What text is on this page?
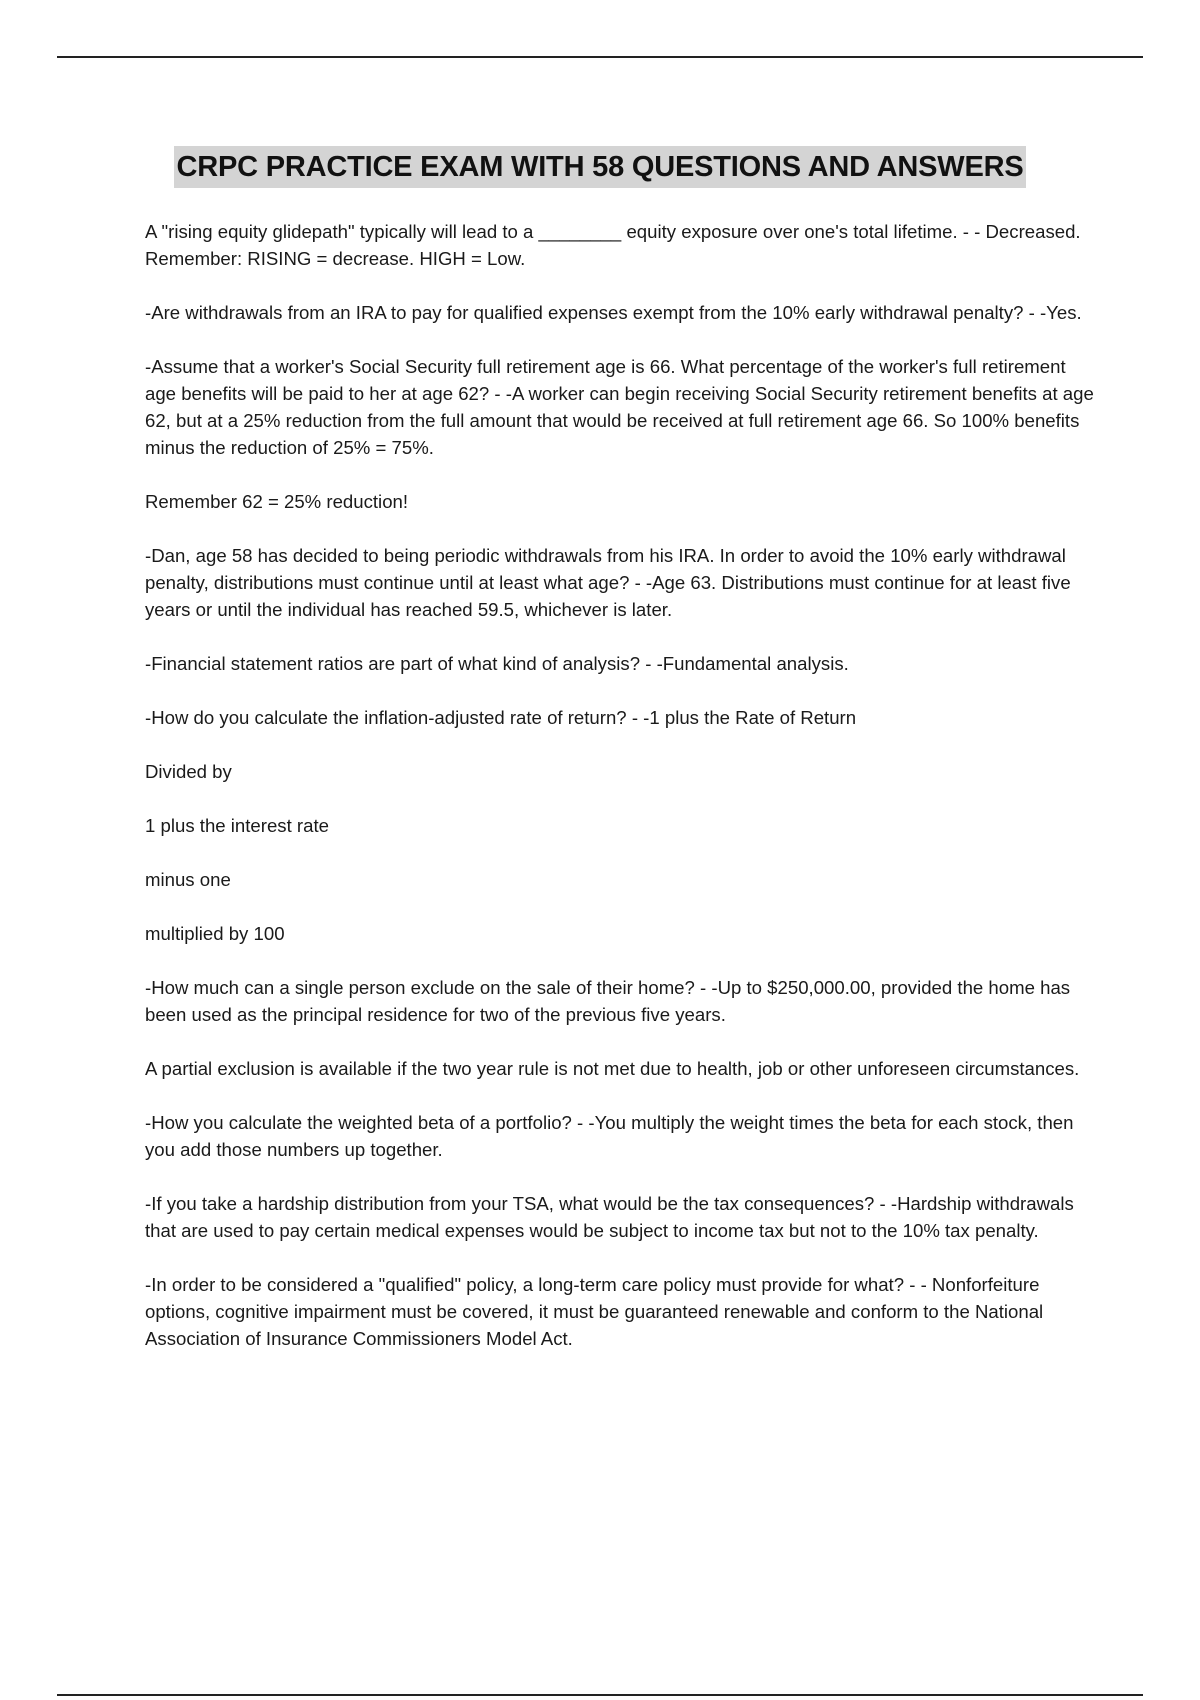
CRPC PRACTICE EXAM WITH 58 QUESTIONS AND ANSWERS

A "rising equity glidepath" typically will lead to a ________ equity exposure over one's total lifetime. - - Decreased. Remember: RISING = decrease. HIGH = Low.

-Are withdrawals from an IRA to pay for qualified expenses exempt from the 10% early withdrawal penalty? - -Yes.

-Assume that a worker's Social Security full retirement age is 66. What percentage of the worker's full retirement age benefits will be paid to her at age 62? - -A worker can begin receiving Social Security retirement benefits at age 62, but at a 25% reduction from the full amount that would be received at full retirement age 66. So 100% benefits minus the reduction of 25% = 75%.

Remember 62 = 25% reduction!

-Dan, age 58 has decided to being periodic withdrawals from his IRA. In order to avoid the 10% early withdrawal penalty, distributions must continue until at least what age? - -Age 63. Distributions must continue for at least five years or until the individual has reached 59.5, whichever is later.

-Financial statement ratios are part of what kind of analysis? - -Fundamental analysis.

-How do you calculate the inflation-adjusted rate of return? - -1 plus the Rate of Return

Divided by

1 plus the interest rate

minus one

multiplied by 100

-How much can a single person exclude on the sale of their home? - -Up to $250,000.00, provided the home has been used as the principal residence for two of the previous five years.

A partial exclusion is available if the two year rule is not met due to health, job or other unforeseen circumstances.

-How you calculate the weighted beta of a portfolio? - -You multiply the weight times the beta for each stock, then you add those numbers up together.

-If you take a hardship distribution from your TSA, what would be the tax consequences? - -Hardship withdrawals that are used to pay certain medical expenses would be subject to income tax but not to the 10% tax penalty.

-In order to be considered a "qualified" policy, a long-term care policy must provide for what? - - Nonforfeiture options, cognitive impairment must be covered, it must be guaranteed renewable and conform to the National Association of Insurance Commissioners Model Act.
